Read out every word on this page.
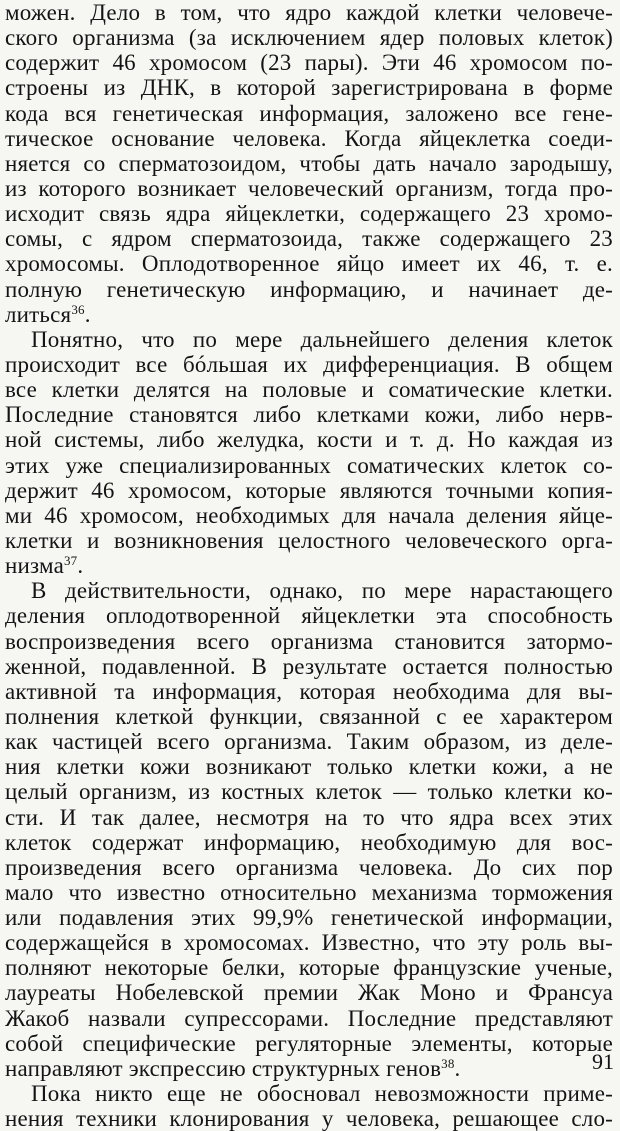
можен. Дело в том, что ядро каждой клетки человече-
ского организма (за исключением ядер половых клеток)
содержит 46 хромосом (23 пары). Эти 46 хромосом по-
строены из ДНК, в которой зарегистрирована в форме
кода вся генетическая информация, заложено все гене-
тическое основание человека. Когда яйцеклетка соеди-
няется со сперматозоидом, чтобы дать начало зародышу,
из которого возникает человеческий организм, тогда про-
исходит связь ядра яйцеклетки, содержащего 23 хромо-
сомы, с ядром сперматозоида, также содержащего 23
хромосомы. Оплодотворенное яйцо имеет их 46, т. е.
полную генетическую информацию, и начинает де-
литься$^{36}$.
Понятно, что по мере дальнейшего деления клеток
происходит все бóльшая их дифференциация. В общем
все клетки делятся на половые и соматические клетки.
Последние становятся либо клетками кожи, либо нерв-
ной системы, либо желудка, кости и т. д. Но каждая из
этих уже специализированных соматических клеток со-
держит 46 хромосом, которые являются точными копия-
ми 46 хромосом, необходимых для начала деления яйце-
клетки и возникновения целостного человеческого орга-
низма$^{37}$.
В действительности, однако, по мере нарастающего
деления оплодотворенной яйцеклетки эта способность
воспроизведения всего организма становится затормо-
женной, подавленной. В результате остается полностью
активной та информация, которая необходима для вы-
полнения клеткой функции, связанной с ее характером
как частицей всего организма. Таким образом, из деле-
ния клетки кожи возникают только клетки кожи, а не
целый организм, из костных клеток — только клетки ко-
сти. И так далее, несмотря на то что ядра всех этих
клеток содержат информацию, необходимую для вос-
произведения всего организма человека. До сих пор
мало что известно относительно механизма торможения
или подавления этих 99,9% генетической информации,
содержащейся в хромосомах. Известно, что эту роль вы-
полняют некоторые белки, которые французские ученые,
лауреаты Нобелевской премии Жак Моно и Франсуа
Жакоб назвали супрессорами. Последние представляют
собой специфические регуляторные элементы, которые
направляют экспрессию структурных генов$^{38}$.
Пока никто еще не обосновал невозможности приме-
нения техники клонирования у человека, решающее сло-
91
